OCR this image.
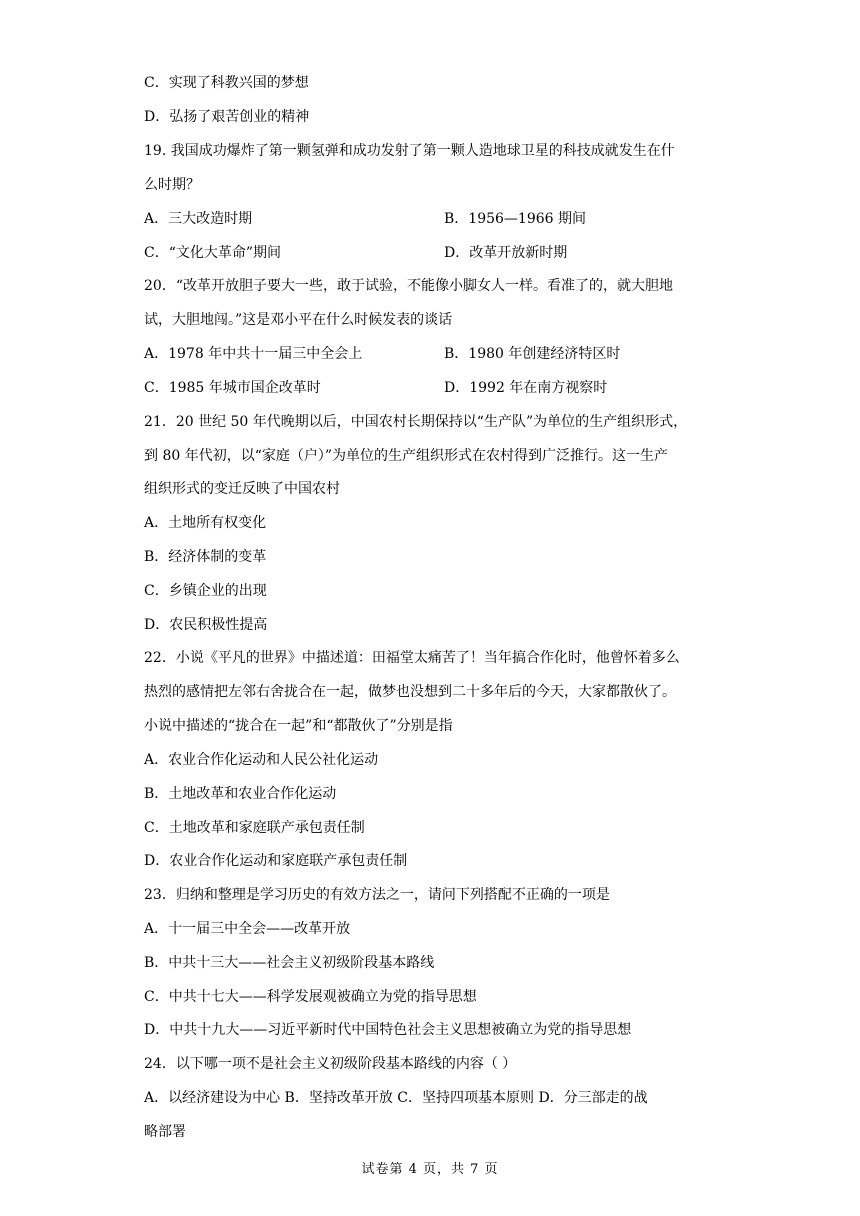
C．实现了科教兴国的梦想
D．弘扬了艰苦创业的精神
19. 我国成功爆炸了第一颗氢弹和成功发射了第一颗人造地球卫星的科技成就发生在什
么时期？
A．三大改造时期	B．1956—1966 期间
C．“文化大革命”期间	D．改革开放新时期
20．“改革开放胆子要大一些，敢于试验，不能像小脚女人一样。看准了的，就大胆地
试，大胆地闯。”这是邓小平在什么时候发表的谈话
A．1978 年中共十一届三中全会上	B．1980 年创建经济特区时
C．1985 年城市国企改革时	D．1992 年在南方视察时
21．20 世纪 50 年代晚期以后，中国农村长期保持以“生产队”为单位的生产组织形式，
到 80 年代初，以“家庭（户）”为单位的生产组织形式在农村得到广泛推行。这一生产
组织形式的变迁反映了中国农村
A．土地所有权变化
B．经济体制的变革
C．乡镇企业的出现
D．农民积极性提高
22．小说《平凡的世界》中描述道：田福堂太痛苦了！当年搞合作化时，他曾怀着多么
热烈的感情把左邻右舍拢合在一起，做梦也没想到二十多年后的今天，大家都散伙了。
小说中描述的“拢合在一起”和“都散伙了”分别是指
A．农业合作化运动和人民公社化运动
B．土地改革和农业合作化运动
C．土地改革和家庭联产承包责任制
D．农业合作化运动和家庭联产承包责任制
23．归纳和整理是学习历史的有效方法之一，请问下列搭配不正确的一项是
A．十一届三中全会——改革开放
B．中共十三大——社会主义初级阶段基本路线
C．中共十七大——科学发展观被确立为党的指导思想
D．中共十九大——习近平新时代中国特色社会主义思想被确立为党的指导思想
24．以下哪一项不是社会主义初级阶段基本路线的内容（ ）
A．以经济建设为中心 B．坚持改革开放 C．坚持四项基本原则 D．分三部走的战
略部署
试卷第 4 页，共 7 页
